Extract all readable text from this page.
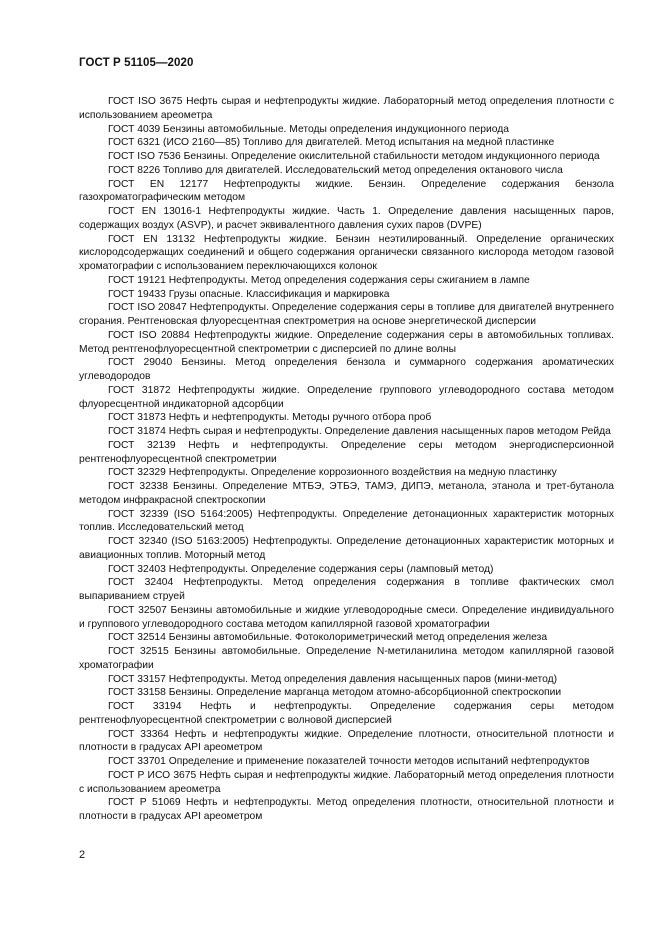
ГОСТ Р 51105—2020

ГОСТ ISO 3675 Нефть сырая и нефтепродукты жидкие. Лабораторный метод определения плотности с использованием ареометра

ГОСТ 4039 Бензины автомобильные. Методы определения индукционного периода

ГОСТ 6321 (ИСО 2160—85) Топливо для двигателей. Метод испытания на медной пластинке

ГОСТ ISO 7536 Бензины. Определение окислительной стабильности методом индукционного периода

ГОСТ 8226 Топливо для двигателей. Исследовательский метод определения октанового числа

ГОСТ EN 12177 Нефтепродукты жидкие. Бензин. Определение содержания бензола газохроматографическим методом

ГОСТ EN 13016-1 Нефтепродукты жидкие. Часть 1. Определение давления насыщенных паров, содержащих воздух (ASVP), и расчет эквивалентного давления сухих паров (DVPE)

ГОСТ EN 13132 Нефтепродукты жидкие. Бензин неэтилированный. Определение органических кислородсодержащих соединений и общего содержания органически связанного кислорода методом газовой хроматографии с использованием переключающихся колонок

ГОСТ 19121 Нефтепродукты. Метод определения содержания серы сжиганием в лампе

ГОСТ 19433 Грузы опасные. Классификация и маркировка

ГОСТ ISO 20847 Нефтепродукты. Определение содержания серы в топливе для двигателей внутреннего сгорания. Рентгеновская флуоресцентная спектрометрия на основе энергетической дисперсии

ГОСТ ISO 20884 Нефтепродукты жидкие. Определение содержания серы в автомобильных топливах. Метод рентгенофлуоресцентной спектрометрии с дисперсией по длине волны

ГОСТ 29040 Бензины. Метод определения бензола и суммарного содержания ароматических углеводородов

ГОСТ 31872 Нефтепродукты жидкие. Определение группового углеводородного состава методом флуоресцентной индикаторной адсорбции

ГОСТ 31873 Нефть и нефтепродукты. Методы ручного отбора проб

ГОСТ 31874 Нефть сырая и нефтепродукты. Определение давления насыщенных паров методом Рейда

ГОСТ 32139 Нефть и нефтепродукты. Определение серы методом энергодисперсионной рентгенофлуоресцентной спектрометрии

ГОСТ 32329 Нефтепродукты. Определение коррозионного воздействия на медную пластинку

ГОСТ 32338 Бензины. Определение МТБЭ, ЭТБЭ, ТАМЭ, ДИПЭ, метанола, этанола и трет-бутанола методом инфракрасной спектроскопии

ГОСТ 32339 (ISO 5164:2005) Нефтепродукты. Определение детонационных характеристик моторных топлив. Исследовательский метод

ГОСТ 32340 (ISO 5163:2005) Нефтепродукты. Определение детонационных характеристик моторных и авиационных топлив. Моторный метод

ГОСТ 32403 Нефтепродукты. Определение содержания серы (ламповый метод)

ГОСТ 32404 Нефтепродукты. Метод определения содержания в топливе фактических смол выпариванием струей

ГОСТ 32507 Бензины автомобильные и жидкие углеводородные смеси. Определение индивидуального и группового углеводородного состава методом капиллярной газовой хроматографии

ГОСТ 32514 Бензины автомобильные. Фотоколориметрический метод определения железа

ГОСТ 32515 Бензины автомобильные. Определение N-метиланилина методом капиллярной газовой хроматографии

ГОСТ 33157 Нефтепродукты. Метод определения давления насыщенных паров (мини-метод)

ГОСТ 33158 Бензины. Определение марганца методом атомно-абсорбционной спектроскопии

ГОСТ 33194 Нефть и нефтепродукты. Определение содержания серы методом рентгенофлуоресцентной спектрометрии с волновой дисперсией

ГОСТ 33364 Нефть и нефтепродукты жидкие. Определение плотности, относительной плотности и плотности в градусах API ареометром

ГОСТ 33701 Определение и применение показателей точности методов испытаний нефтепродуктов

ГОСТ Р ИСО 3675 Нефть сырая и нефтепродукты жидкие. Лабораторный метод определения плотности с использованием ареометра

ГОСТ Р 51069 Нефть и нефтепродукты. Метод определения плотности, относительной плотности и плотности в градусах API ареометром

2
